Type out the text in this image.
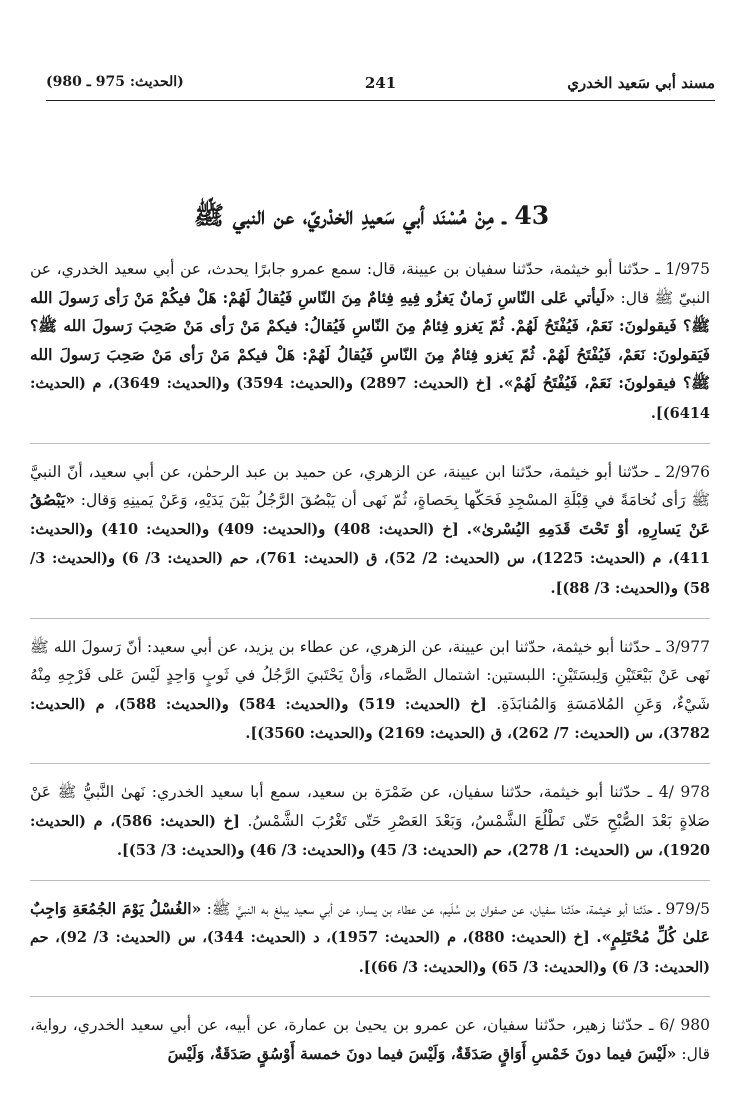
مسند أبي سَعيد الخدري
241
(الحديث: 975 ـ 980)
43 ـ مِنْ مُسْنَد أبي سَعيدِ الخدْريّ، عن النبي ﷺ

1/975 ـ حدّثنا أبو خيثمة، حدّثنا سفيان بن عيينة، قال: سمع عمرو جابرًا يحدث، عن أبي سعيد الخدري، عن النبيّ ﷺ قال: «لَيأتي عَلى النّاسِ زَمانٌ يَغزُو فِيهِ فِئامٌ مِنَ النّاسِ فَيُقالُ لَهُمْ: هَلْ فيكُمْ مَنْ رَأى رَسولَ الله ﷺ؟ فَيقولونَ: نَعَمْ، فَيُفْتَحُ لَهُمْ. ثُمّ يَغزو فِئامٌ مِنَ النّاسِ فَيُقالُ: فيكمْ مَنْ رَأى مَنْ صَحِبَ رَسولَ الله ﷺ؟ فَيَقولونَ: نَعَمْ، فَيُفْتَحُ لَهُمْ. ثُمّ يَغزو فِئامٌ مِنَ النّاسِ فَيُقالُ لَهُمْ: هَلْ فيكمْ مَنْ رَأى مَنْ صَحِبَ رَسولَ الله ﷺ؟ فيقولونَ: نَعَمْ، فَيُفْتَحُ لَهُمْ». [خ (الحديث: 2897) و(الحديث: 3594) و(الحديث: 3649)، م (الحديث: 6414)].

2/976 ـ حدّثنا أبو خيثمة، حدّثنا ابن عيينة، عن الزهري، عن حميد بن عبد الرحمٰن، عن أبي سعيد، أنّ النبيَّ ﷺ رَأى نُخامَةً في قِبْلَةِ المسْجِدِ فَحَكّها بِحَصاةٍ، ثُمّ نَهى أن يَبْصُقَ الرَّجُلُ بَيْنَ يَدَيْهِ، وَعَنْ يَمينِهِ وَقال: «يَبْصُقُ عَنْ يَسارِهِ، أوْ تَحْتَ قَدَمِهِ اليُسْرىٰ». [خ (الحديث: 408) و(الحديث: 409) و(الحديث: 410) و(الحديث: 411)، م (الحديث: 1225)، س (الحديث: 2/ 52)، ق (الحديث: 761)، حم (الحديث: 3/ 6) و(الحديث: 3/ 58) و(الحديث: 3/ 88)].

3/977 ـ حدّثنا أبو خيثمة، حدّثنا ابن عيينة، عن الزهري، عن عطاء بن يزيد، عن أبي سعيد: أنّ رَسولَ الله ﷺ نَهى عَنْ بَيْعَتَيْنِ وَلِبسَتَيْنِ: اللبستين: اشتمال الصَّماء، وَأنْ يَحْتَبيَ الرَّجُلُ في ثَوبٍ وَاحِدٍ لَيْسَ عَلى فَرْجِهِ مِنْهُ شَيْءٌ، وَعَنِ المُلامَسَةِ وَالمُنابَذَةِ. [خ (الحديث: 519) و(الحديث: 584) و(الحديث: 588)، م (الحديث: 3782)، س (الحديث: 7/ 262)، ق (الحديث: 2169) و(الحديث: 3560)].

978 /4 ـ حدّثنا أبو خيثمة، حدّثنا سفيان، عن ضَمْرَة بن سعيد، سمع أبا سعيد الخدري: نَهىٰ النَّبيُّ ﷺ عَنْ صَلاةٍ بَعْدَ الصُّبْحِ حَتّى تَطْلُعَ الشَّمْسُ، وَبَعْدَ العَصْرِ حَتّى تَغْرُبَ الشَّمْسُ. [خ (الحديث: 586)، م (الحديث: 1920)، س (الحديث: 1/ 278)، حم (الحديث: 3/ 45) و(الحديث: 3/ 46) و(الحديث: 3/ 53)].

979/5 ـ حدّثنا أبو خيثمة، حدّثنا سفيان، عن صفوان بن سُلَيم، عن عطاء بن يسار، عن أبي سعيد يبلغ به النبيَّ ﷺ: «الغُسْلُ يَوْمَ الجُمُعَةِ وَاجِبٌ عَلىٰ كُلِّ مُحْتَلِمٍ». [خ (الحديث: 880)، م (الحديث: 1957)، د (الحديث: 344)، س (الحديث: 3/ 92)، حم (الحديث: 3/ 6) و(الحديث: 3/ 65) و(الحديث: 3/ 66)].

980 /6 ـ حدّثنا زهير، حدّثنا سفيان، عن عمرو بن يحيىٰ بن عمارة، عن أبيه، عن أبي سعيد الخدري، رواية، قال: «لَيْسَ فيما دونَ خَمْسِ أَوَاقٍ صَدَقَةٌ، وَلَيْسَ فيما دونَ خمسة أَوْسُقٍ صَدَقَةٌ، وَلَيْسَ
